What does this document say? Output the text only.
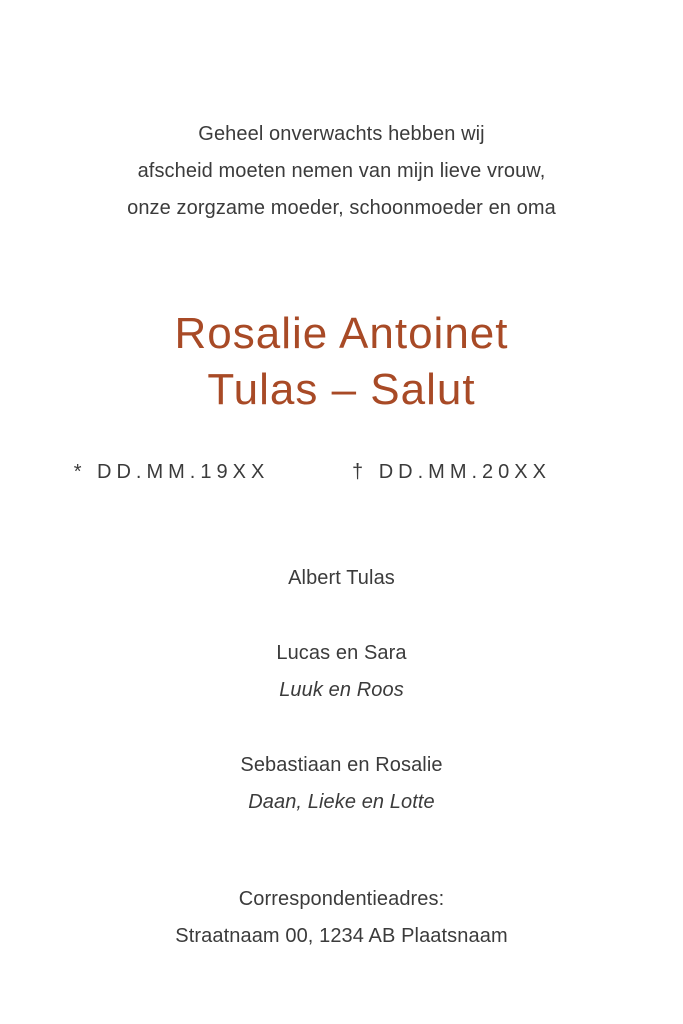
Geheel onverwachts hebben wij
afscheid moeten nemen van mijn lieve vrouw,
onze zorgzame moeder, schoonmoeder en oma
Rosalie Antoinet
Tulas – Salut
* DD.MM.19XX	† DD.MM.20XX
Albert Tulas
Lucas en Sara
Luuk en Roos
Sebastiaan en Rosalie
Daan, Lieke en Lotte
Correspondentieadres:
Straatnaam 00, 1234 AB Plaatsnaam
